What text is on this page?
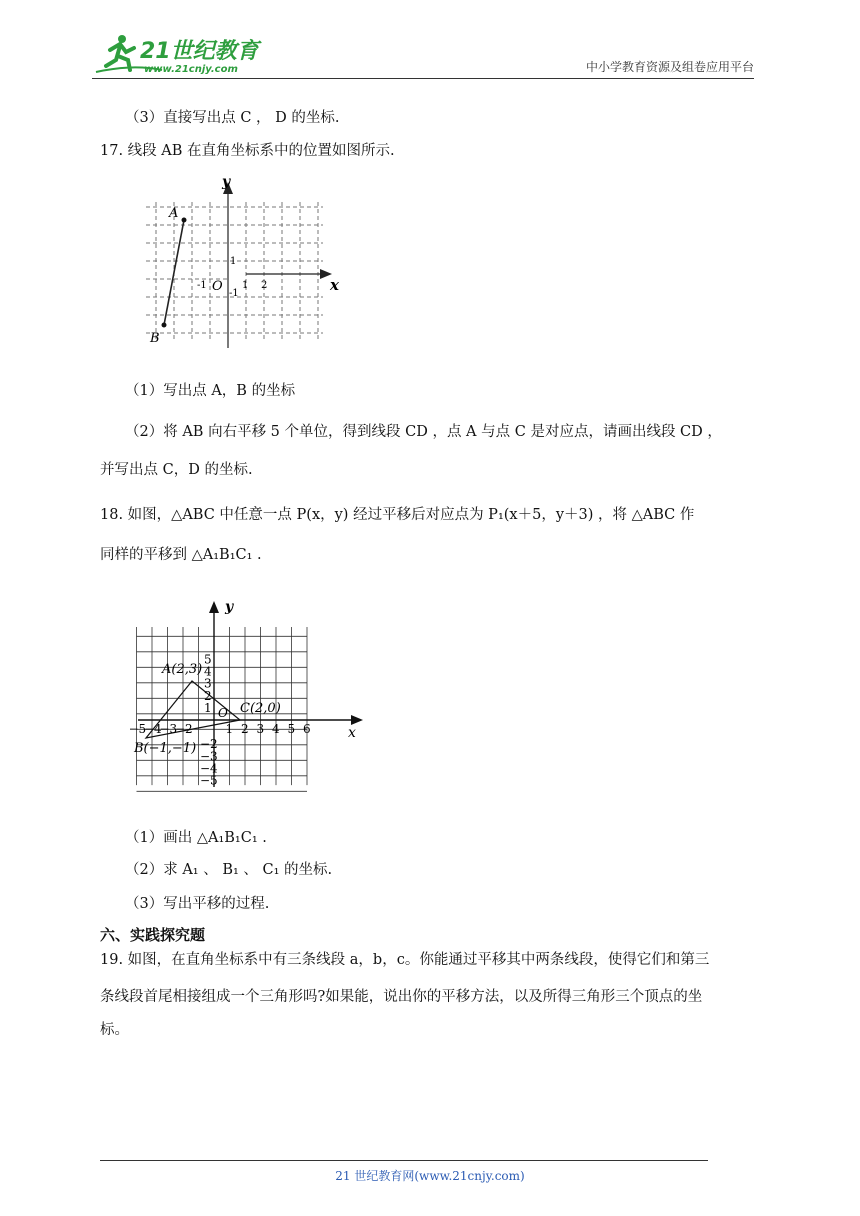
21世纪教育
www.21cnjy.com	中小学教育资源及组卷应用平台
（3）直接写出点 C ， D 的坐标.
17. 线段 AB 在直角坐标系中的位置如图所示.
A
B
y
x
O
1
-1	1 2
-1
（1）写出点 A，B 的坐标
（2）将 AB 向右平移 5 个单位，得到线段 CD ，点 A 与点 C 是对应点，请画出线段 CD ，
并写出点 C，D 的坐标.
18. 如图，△ABC 中任意一点 P(x，y) 经过平移后对应点为 P₁(x＋5，y＋3) ，将 △ABC 作
同样的平移到 △A₁B₁C₁ .
y
x
A(2,3)
B(−1,−1)
C(2,0)
O
−5
−4
−3
−2	1 2 3 4 5 6
5
4
3
2
1
−2
−3
−4
−5
（1）画出 △A₁B₁C₁ .
（2）求 A₁ 、 B₁ 、 C₁ 的坐标.
（3）写出平移的过程.
六、实践探究题
19. 如图，在直角坐标系中有三条线段 a，b，c。你能通过平移其中两条线段，使得它们和第三
条线段首尾相接组成一个三角形吗?如果能，说出你的平移方法，以及所得三角形三个顶点的坐
标。
21 世纪教育网(www.21cnjy.com)
